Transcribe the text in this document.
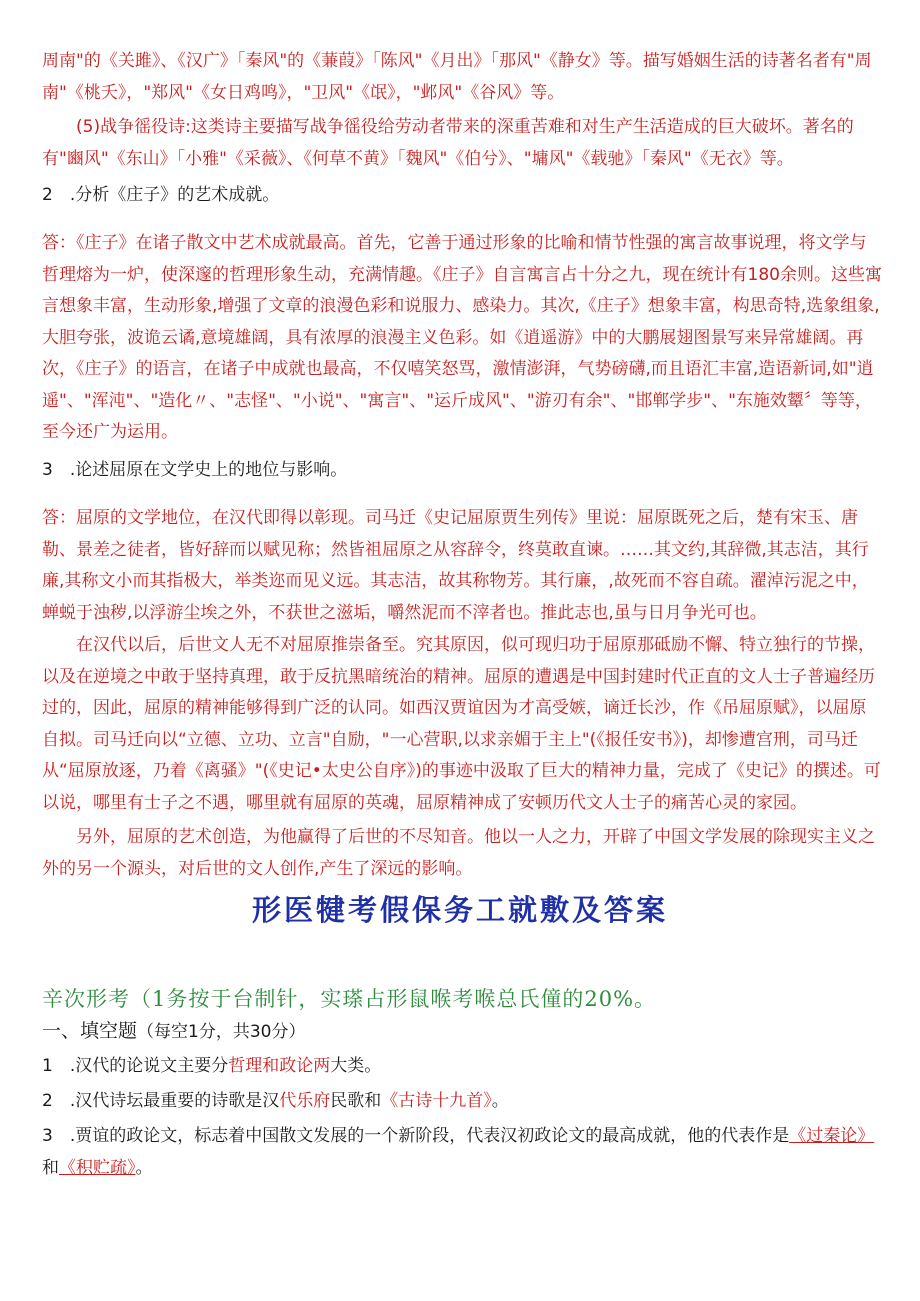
周南"的《关雎》、《汉广》「秦风"的《蒹葭》「陈风"《月出》「那风"《静女》等。描写婚姻生活的诗著名者有"周南"《桃夭》，"郑风"《女日鸡鸣》，"卫风"《氓》，"邺风"《谷风》等。

(5)战争徭役诗:这类诗主要描写战争徭役给劳动者带来的深重苦难和对生产生活造成的巨大破坏。著名的有"豳风"《东山》「小雅"《采薇》、《何草不黄》「魏风"《伯兮》、"墉风"《载驰》「秦风"《无衣》等。

2　.分析《庄子》的艺术成就。

答：《庄子》在诸子散文中艺术成就最高。首先，它善于通过形象的比喻和情节性强的寓言故事说理，将文学与哲理熔为一炉，使深邃的哲理形象生动，充满情趣。《庄子》自言寓言占十分之九，现在统计有180余则。这些寓言想象丰富，生动形象,增强了文章的浪漫色彩和说服力、感染力。其次,《庄子》想象丰富，构思奇特,选象组象,大胆夸张，波诡云谲,意境雄阔，具有浓厚的浪漫主义色彩。如《逍遥游》中的大鹏展翅图景写来异常雄阔。再次，《庄子》的语言，在诸子中成就也最高，不仅嘻笑怒骂，激情澎湃，气势磅礴,而且语汇丰富,造语新词,如"逍遥"、"浑沌"、"造化〃、"志怪"、"小说"、"寓言"、"运斤成风"、"游刃有余"、"邯郸学步"、"东施效颦〞等等，至今还广为运用。

3　.论述屈原在文学史上的地位与影响。

答：屈原的文学地位，在汉代即得以彰现。司马迁《史记屈原贾生列传》里说：屈原既死之后，楚有宋玉、唐勒、景差之徒者，皆好辞而以赋见称；然皆祖屈原之从容辞令，终莫敢直谏。……其文约,其辞微,其志洁，其行廉,其称文小而其指极大，举类迩而见义远。其志洁，故其称物芳。其行廉，,故死而不容自疏。濯淖污泥之中，蝉蜕于浊秽,以浮游尘埃之外，不获世之滋垢，嚼然泥而不滓者也。推此志也,虽与日月争光可也。

在汉代以后，后世文人无不对屈原推崇备至。究其原因，似可现归功于屈原那砥励不懈、特立独行的节操，以及在逆境之中敢于坚持真理，敢于反抗黑暗统治的精神。屈原的遭遇是中国封建时代正直的文人士子普遍经历过的，因此，屈原的精神能够得到广泛的认同。如西汉贾谊因为才高受嫉，谪迁长沙，作《吊屈原赋》，以屈原自拟。司马迁向以“立德、立功、立言"自励，"一心营职,以求亲媚于主上"(《报任安书》)，却惨遭宫刑，司马迁从“屈原放逐，乃着《离骚》"(《史记•太史公自序》)的事迹中汲取了巨大的精神力量，完成了《史记》的撰述。可以说，哪里有士子之不遇，哪里就有屈原的英魂，屈原精神成了安顿历代文人士子的痛苦心灵的家园。

另外，屈原的艺术创造，为他赢得了后世的不尽知音。他以一人之力，开辟了中国文学发展的除现实主义之外的另一个源头，对后世的文人创作,产生了深远的影响。

形医犍考假保务工就敷及答案

辛次形考（1务按于台制针，实瑹占形鼠喉考喉总氏僮的20%。

一、填空题（每空1分，共30分）

1　.汉代的论说文主要分哲理和政论两大类。

2　.汉代诗坛最重要的诗歌是汉代乐府民歌和《古诗十九首》。

3　.贾谊的政论文，标志着中国散文发展的一个新阶段，代表汉初政论文的最高成就，他的代表作是《过秦论》和《积贮疏》。
